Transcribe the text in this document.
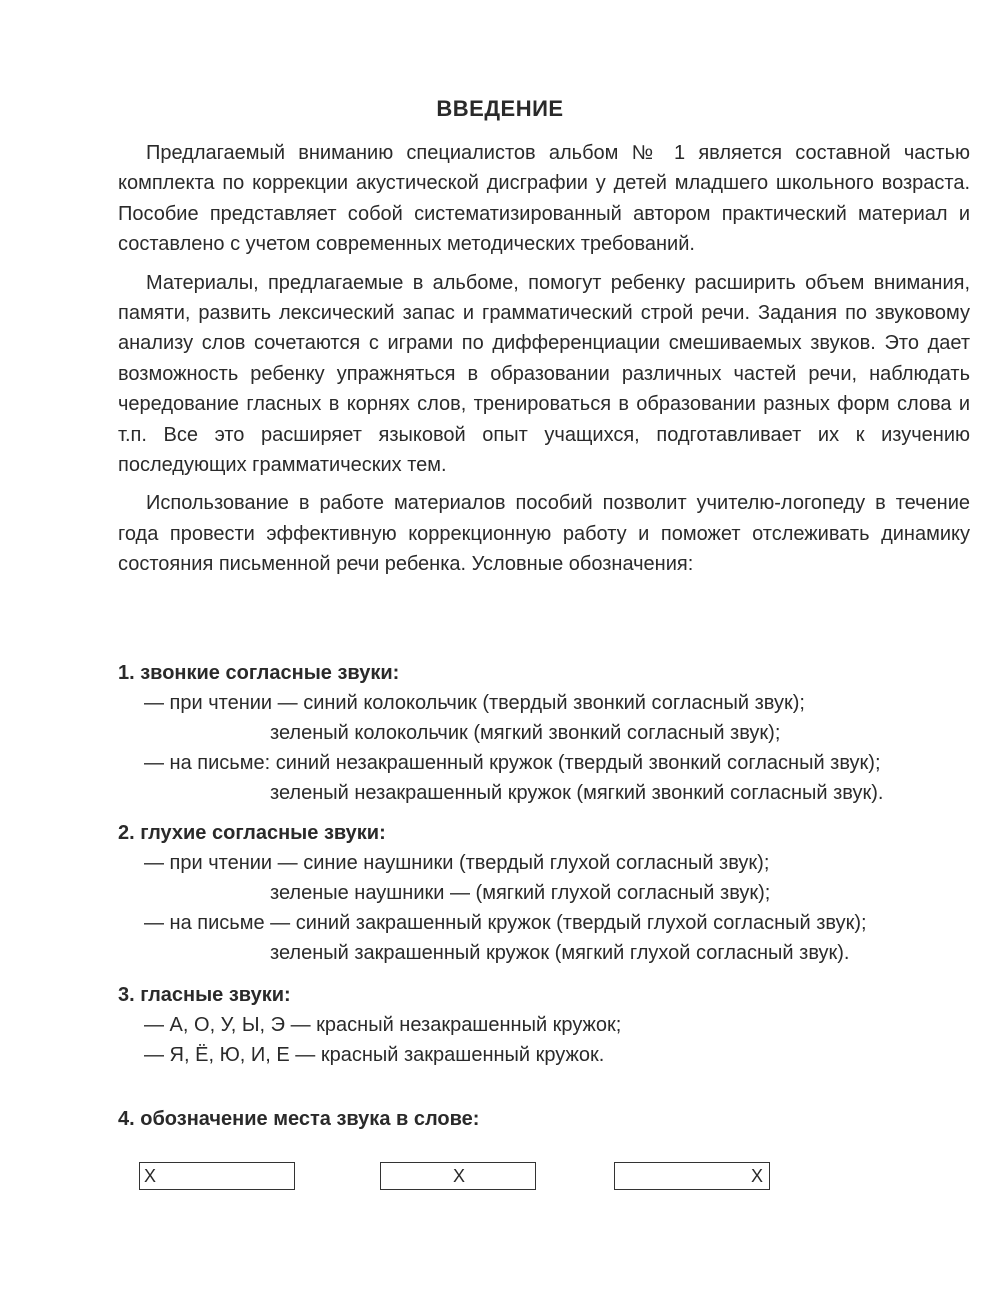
ВВЕДЕНИЕ

Предлагаемый вниманию специалистов альбом № 1 является составной частью комплекта по коррекции акустической дисграфии у детей младшего школьного возраста. Пособие представляет собой систематизированный автором практический материал и составлено с учетом современных методических требований.

Материалы, предлагаемые в альбоме, помогут ребенку расширить объем внимания, памяти, развить лексический запас и грамматический строй речи. Задания по звуковому анализу слов сочетаются с играми по дифференциации смешиваемых звуков. Это дает возможность ребенку упражняться в образовании различных частей речи, наблюдать чередование гласных в корнях слов, тренироваться в образовании разных форм слова и т.п. Все это расширяет языковой опыт учащихся, подготавливает их к изучению последующих грамматических тем.

Использование в работе материалов пособий позволит учителю-логопеду в течение года провести эффективную коррекционную работу и поможет отслеживать динамику состояния письменной речи ребенка. Условные обозначения:

1. звонкие согласные звуки:
— при чтении — синий колокольчик (твердый звонкий согласный звук);
зеленый колокольчик (мягкий звонкий согласный звук);
— на письме: синий незакрашенный кружок (твердый звонкий согласный звук);
зеленый незакрашенный кружок (мягкий звонкий согласный звук).
2. глухие согласные звуки:
— при чтении — синие наушники (твердый глухой согласный звук);
зеленые наушники — (мягкий глухой согласный звук);
— на письме — синий закрашенный кружок (твердый глухой согласный звук);
зеленый закрашенный кружок (мягкий глухой согласный звук).
3. гласные звуки:
— А, О, У, Ы, Э — красный незакрашенный кружок;
— Я, Ё, Ю, И, Е — красный закрашенный кружок.
4. обозначение места звука в слове:
Х	Х	Х
